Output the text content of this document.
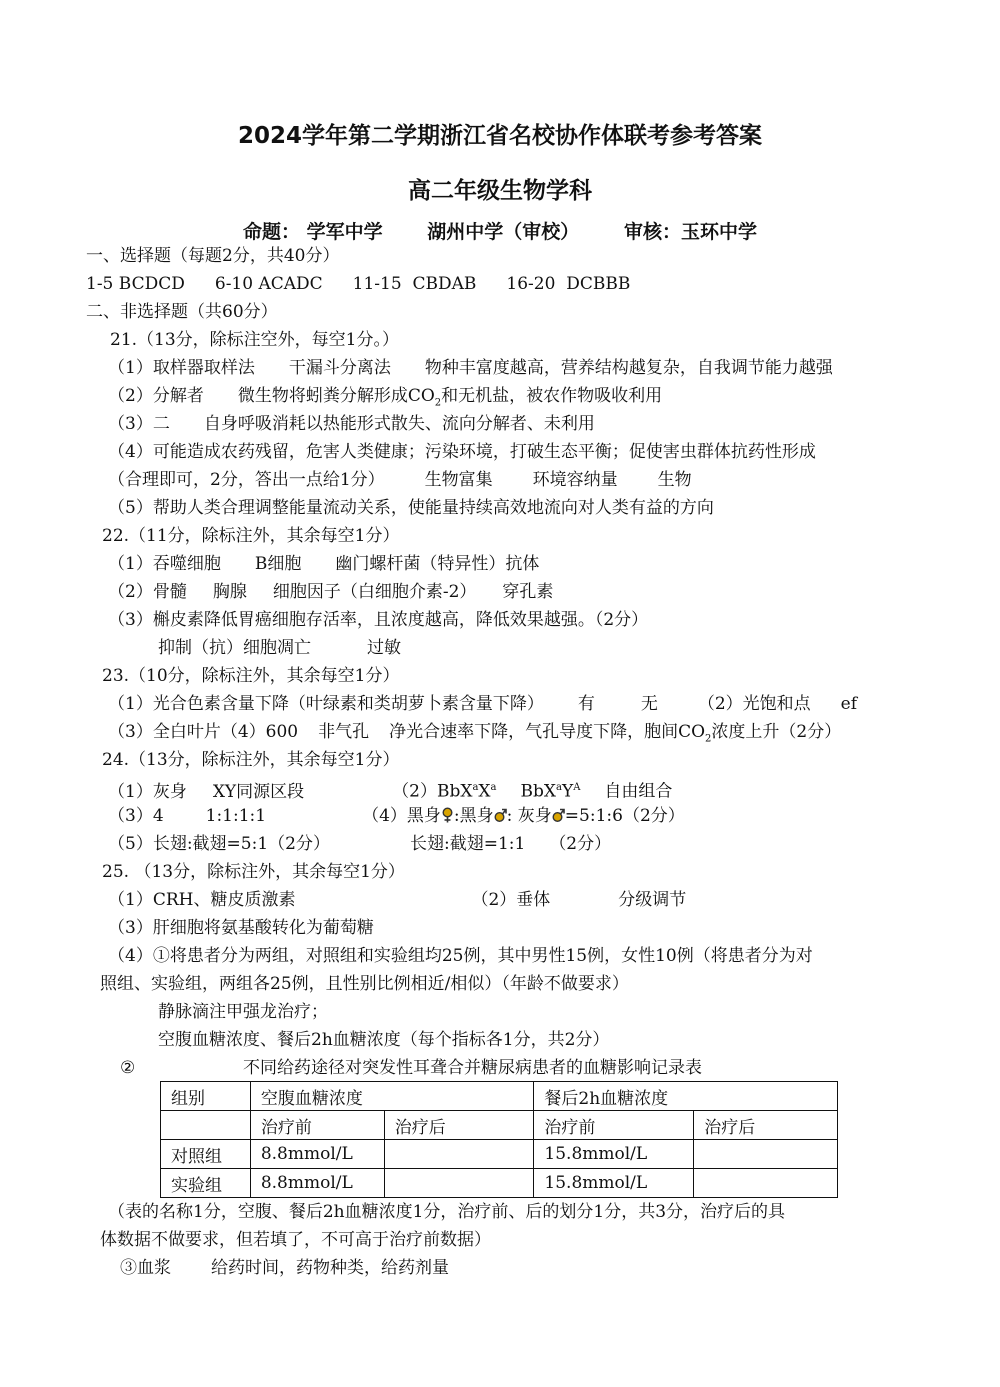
2024学年第二学期浙江省名校协作体联考参考答案
高二年级生物学科
命题： 学军中学 湖州中学（审校） 审核：玉环中学
一、选择题（每题2分，共40分）
1-5 BCDCD 6-10 ACADC 11-15  CBDAB 16-20  DCBBB
二、非选择题（共60分）
21.（13分，除标注空外，每空1分。）
（1）取样器取样法 干漏斗分离法 物种丰富度越高，营养结构越复杂，自我调节能力越强
（2）分解者 微生物将蚓粪分解形成$CO_2$和无机盐，被农作物吸收利用
（3）二 自身呼吸消耗以热能形式散失、流向分解者、未利用
（4）可能造成农药残留，危害人类健康；污染环境，打破生态平衡；促使害虫群体抗药性形成
（合理即可，2分，答出一点给1分） 生物富集 环境容纳量 生物
（5）帮助人类合理调整能量流动关系，使能量持续高效地流向对人类有益的方向
22.（11分，除标注外，其余每空1分）
（1）吞噬细胞 B细胞 幽门螺杆菌（特异性）抗体
（2）骨髓 胸腺 细胞因子（白细胞介素-2） 穿孔素
（3）槲皮素降低胃癌细胞存活率，且浓度越高，降低效果越强。（2分）
抑制（抗）细胞凋亡	过敏
23.（10分，除标注外，其余每空1分）
（1）光合色素含量下降（叶绿素和类胡萝卜素含量下降） 有	无 （2）光饱和点 ef
（3）全白叶片（4）600 非气孔 净光合速率下降，气孔导度下降，胞间$CO_2$浓度上升（2分）
24.（13分，除标注外，其余每空1分）
（1）灰身 XY同源区段	$(2)BbX^aX^a$ $BbX^aY^A$ 自由组合
（3）4 1:1:1:1	（4）黑身 :黑身 : 灰身 =5:1:6（2分）
（5）长翅:截翅=5:1（2分）	长翅:截翅=1:1 （2分）
25. （13分，除标注外，其余每空1分）
（1）CRH、糖皮质激素	（2）垂体	分级调节
（3）肝细胞将氨基酸转化为葡萄糖
（4）①将患者分为两组，对照组和实验组均25例，其中男性15例，女性10例（将患者分为对
照组、实验组，两组各25例，且性别比例相近/相似）（年龄不做要求）
静脉滴注甲强龙治疗；
空腹血糖浓度、餐后2h血糖浓度（每个指标各1分，共2分）
②	不同给药途径对突发性耳聋合并糖尿病患者的血糖影响记录表
组别	空腹血糖浓度		餐后2h血糖浓度	
	治疗前	治疗后	治疗前	治疗后
对照组	8.8mmol/L		15.8mmol/L	
实验组	8.8mmol/L		15.8mmol/L	
（表的名称1分，空腹、餐后2h血糖浓度1分，治疗前、后的划分1分，共3分，治疗后的具
体数据不做要求，但若填了，不可高于治疗前数据）
③血浆 给药时间，药物种类，给药剂量
